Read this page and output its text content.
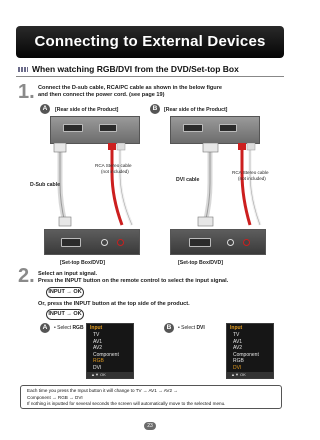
Connecting to External Devices
When watching RGB/DVI from the DVD/Set-top Box
1. Connect the D-sub cable, RCA/PC cable as shown in the below figure
and then connect the power cord. (see page 19)
A	[Rear side of the Product]
D-Sub cable
RCA Stereo cable
(not included)
[Set-top Box/DVD]
B	[Rear side of the Product]
DVI cable
RCA Stereo cable
(not included)
[Set-top Box/DVD]
2. Select an input signal.
Press the INPUT button on the remote control to select the input signal.
INPUT → OK
Or, press the INPUT button at the top side of the product.
INPUT → OK
A	• Select RGB Input
TV
AV1
AV2
Component
RGB
DVI
▲▼ OK
B	• Select DVI	Input
TV
AV1
AV2
Component
RGB
DVI
▲▼ OK

Each time you press the Input button it will change to TV → AV1 → AV2 →

Component → RGB → DVI

If nothing is inputted for several seconds the screen will automatically move to the selected menu.

23
